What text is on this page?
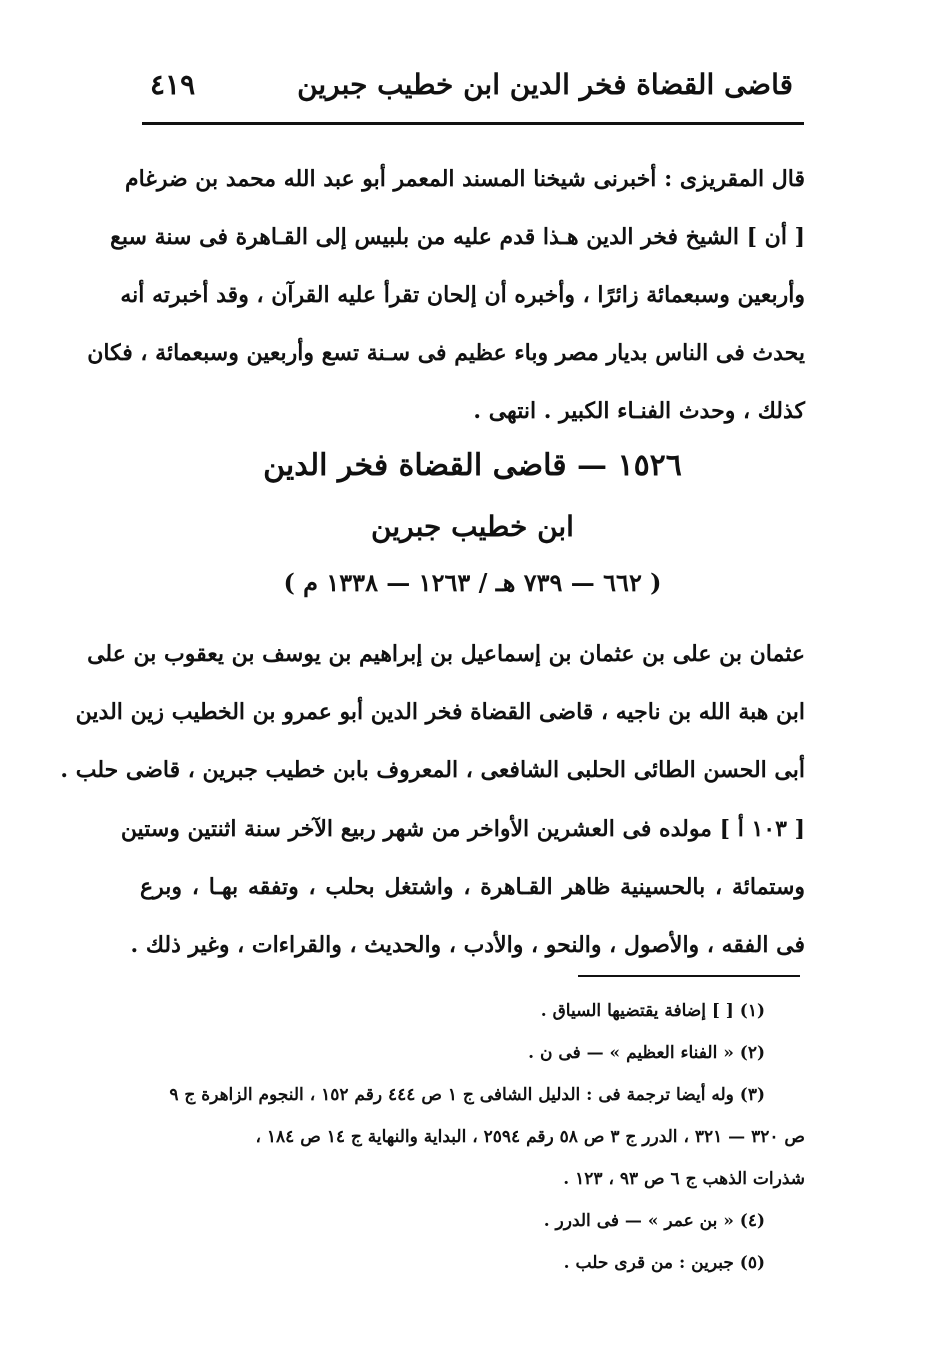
قاضى القضاة فخر الدين ابن خطيب جبرين
٤١٩
قال المقريزى : أخبرنى شيخنا المسند المعمر أبو عبد الله محمد بن ضرغام
[ أن ] الشيخ فخر الدين هـذا قدم عليه من بلبيس إلى القـاهرة فى سنة سبع
وأربعين وسبعمائة زائرًا ، وأخبره أن إلحان تقرأ عليه القرآن ، وقد أخبرته أنه
يحدث فى الناس بديار مصر وباء عظيم فى سـنة تسع وأربعين وسبعمائة ، فكان
كذلك ، وحدث الفنـاء الكبير . انتهى .
١٥٢٦ — قاضى القضاة فخر الدين
ابن خطيب جبرين
( ٦٦٢ — ٧٣٩ هـ / ١٢٦٣ — ١٣٣٨ م )
عثمان بن على بن عثمان بن إسماعيل بن إبراهيم بن يوسف بن يعقوب بن على
ابن هبة الله بن ناجيه ، قاضى القضاة فخر الدين أبو عمرو بن الخطيب زين الدين
أبى الحسن الطائى الحلبى الشافعى ، المعروف بابن خطيب جبرين ، قاضى حلب .
[ ١٠٣ أ ] مولده فى العشرين الأواخر من شهر ربيع الآخر سنة اثنتين وستين
وستمائة ، بالحسينية ظاهر القـاهرة ، واشتغل بحلب ، وتفقه بهـا ، وبرع
فى الفقه ، والأصول ، والنحو ، والأدب ، والحديث ، والقراءات ، وغير ذلك .
(١) [ ] إضافة يقتضيها السياق .
(٢) « الفناء العظيم » — فى ن .
(٣) وله أيضا ترجمة فى : الدليل الشافى ج ١ ص ٤٤٤ رقم ١٥٢ ، النجوم الزاهرة ج ٩
ص ٣٢٠ — ٣٢١ ، الدرر ج ٣ ص ٥٨ رقم ٢٥٩٤ ، البداية والنهاية ج ١٤ ص ١٨٤ ،
شذرات الذهب ج ٦ ص ٩٣ ، ١٢٣ .
(٤) « بن عمر » — فى الدرر .
(٥) جبرين : من قرى حلب .
